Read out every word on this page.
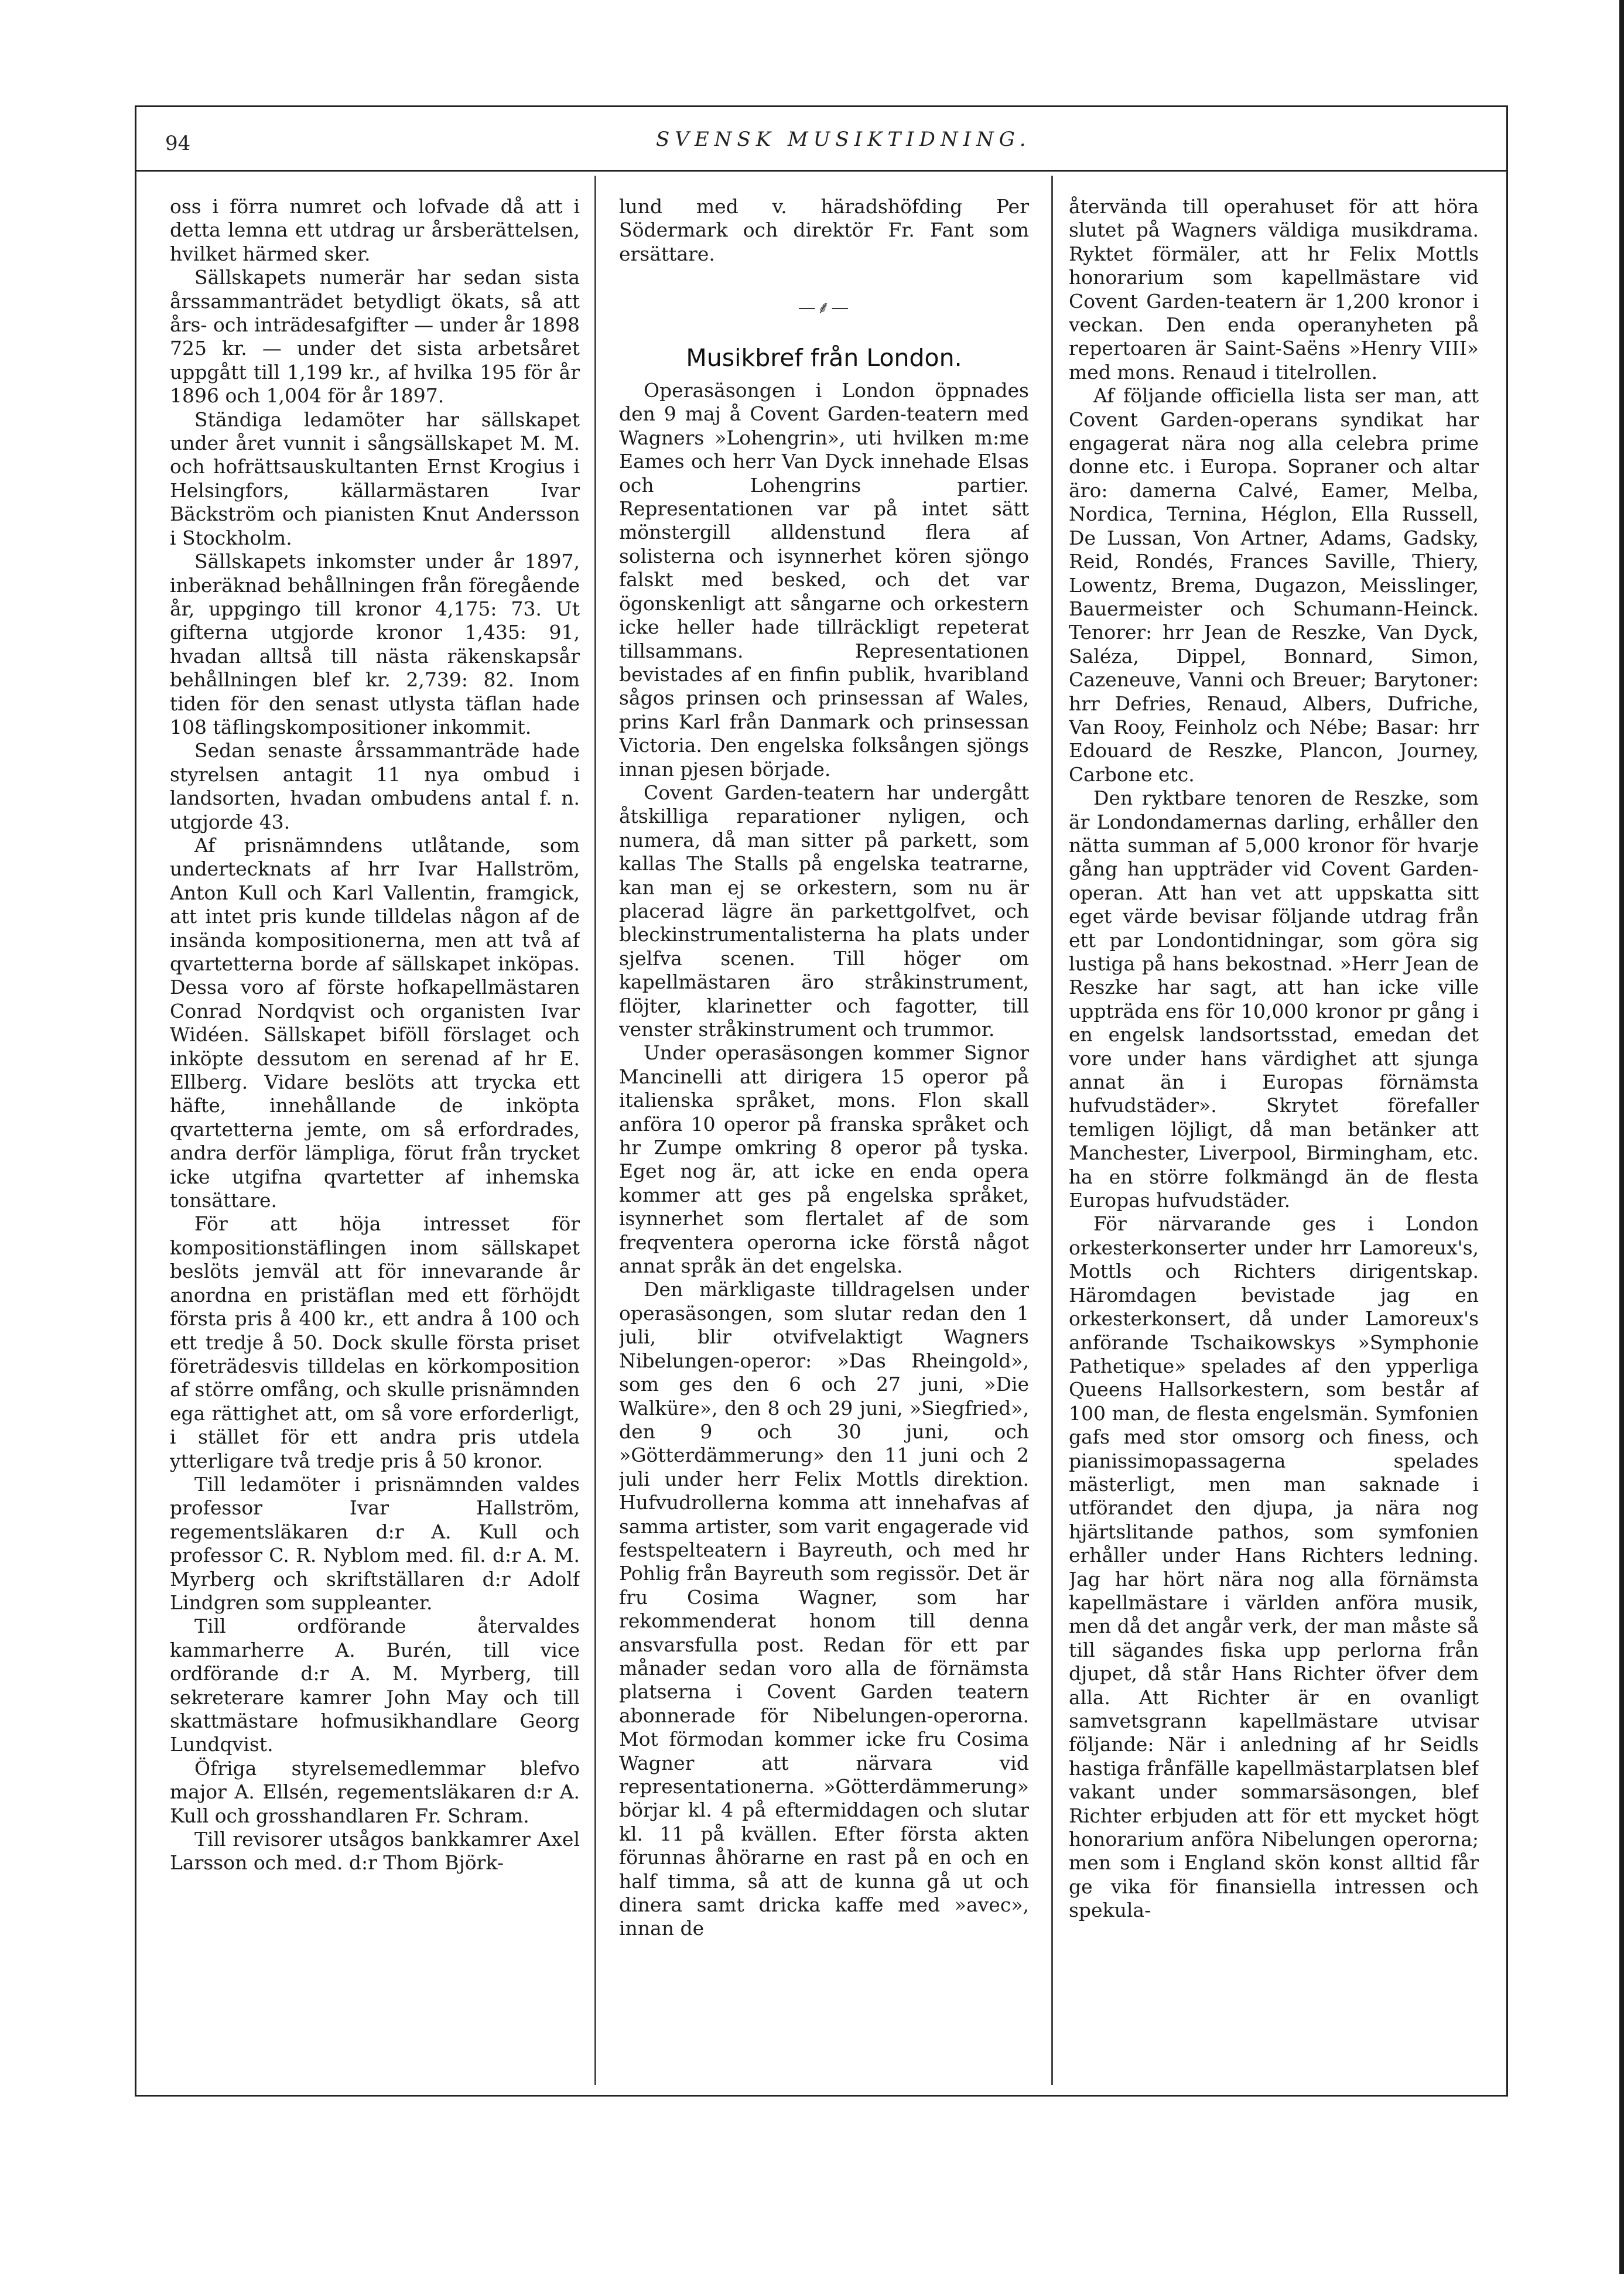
94	SVENSK MUSIKTIDNING.

oss i förra numret och lofvade då att i detta lemna ett utdrag ur årsberättelsen, hvilket härmed sker.

Sällskapets numerär har sedan sista årssammanträdet betydligt ökats, så att års- och inträdesafgifter — under år 1898 725 kr. — under det sista arbetsåret uppgått till 1,199 kr., af hvilka 195 för år 1896 och 1,004 för år 1897.

Ständiga ledamöter har sällskapet under året vunnit i sångsällskapet M. M. och hofrättsauskultanten Ernst Krogius i Helsingfors, källarmästaren Ivar Bäckström och pianisten Knut Andersson i Stockholm.

Sällskapets inkomster under år 1897, inberäknad behållningen från föregående år, uppgingo till kronor 4,175: 73. Ut gifterna utgjorde kronor 1,435: 91, hvadan alltså till nästa räkenskapsår behållningen blef kr. 2,739: 82. Inom tiden för den senast utlysta täflan hade 108 täflingskompositioner inkommit.

Sedan senaste årssammanträde hade styrelsen antagit 11 nya ombud i landsorten, hvadan ombudens antal f. n. utgjorde 43.

Af prisnämndens utlåtande, som undertecknats af hrr Ivar Hallström, Anton Kull och Karl Vallentin, framgick, att intet pris kunde tilldelas någon af de insända kompositionerna, men att två af qvartetterna borde af sällskapet inköpas. Dessa voro af förste hofkapellmästaren Conrad Nordqvist och organisten Ivar Widéen. Sällskapet biföll förslaget och inköpte dessutom en serenad af hr E. Ellberg. Vidare beslöts att trycka ett häfte, innehållande de inköpta qvartetterna jemte, om så erfordrades, andra derför lämpliga, förut från trycket icke utgifna qvartetter af inhemska tonsättare.

För att höja intresset för kompositionstäflingen inom sällskapet beslöts jemväl att för innevarande år anordna en pristäflan med ett förhöjdt första pris å 400 kr., ett andra å 100 och ett tredje å 50. Dock skulle första priset företrädesvis tilldelas en körkomposition af större omfång, och skulle prisnämnden ega rättighet att, om så vore erforderligt, i stället för ett andra pris utdela ytterligare två tredje pris å 50 kronor.

Till ledamöter i prisnämnden valdes professor Ivar Hallström, regementsläkaren d:r A. Kull och professor C. R. Nyblom med. fil. d:r A. M. Myrberg och skriftställaren d:r Adolf Lindgren som suppleanter.

Till ordförande återvaldes kammarherre A. Burén, till vice ordförande d:r A. M. Myrberg, till sekreterare kamrer John May och till skattmästare hofmusikhandlare Georg Lundqvist.

Öfriga styrelsemedlemmar blefvo major A. Ellsén, regementsläkaren d:r A. Kull och grosshandlaren Fr. Schram.

Till revisorer utsågos bankkamrer Axel Larsson och med. d:r Thom Björk-

lund med v. häradshöfding Per Södermark och direktör Fr. Fant som ersättare.

—⸙—
Musikbref från London.

Operasäsongen i London öppnades den 9 maj å Covent Garden-teatern med Wagners »Lohengrin», uti hvilken m:me Eames och herr Van Dyck innehade Elsas och Lohengrins partier. Representationen var på intet sätt mönstergill alldenstund flera af solisterna och isynnerhet kören sjöngo falskt med besked, och det var ögonskenligt att sångarne och orkestern icke heller hade tillräckligt repeterat tillsammans. Representationen bevistades af en finfin publik, hvaribland sågos prinsen och prinsessan af Wales, prins Karl från Danmark och prinsessan Victoria. Den engelska folksången sjöngs innan pjesen började.

Covent Garden-teatern har undergått åtskilliga reparationer nyligen, och numera, då man sitter på parkett, som kallas The Stalls på engelska teatrarne, kan man ej se orkestern, som nu är placerad lägre än parkettgolfvet, och bleckinstrumentalisterna ha plats under sjelfva scenen. Till höger om kapellmästaren äro stråkinstrument, flöjter, klarinetter och fagotter, till venster stråkinstrument och trummor.

Under operasäsongen kommer Signor Mancinelli att dirigera 15 operor på italienska språket, mons. Flon skall anföra 10 operor på franska språket och hr Zumpe omkring 8 operor på tyska. Eget nog är, att icke en enda opera kommer att ges på engelska språket, isynnerhet som flertalet af de som freqventera operorna icke förstå något annat språk än det engelska.

Den märkligaste tilldragelsen under operasäsongen, som slutar redan den 1 juli, blir otvifvelaktigt Wagners Nibelungen-operor: »Das Rheingold», som ges den 6 och 27 juni, »Die Walküre», den 8 och 29 juni, »Siegfried», den 9 och 30 juni, och »Götterdämmerung» den 11 juni och 2 juli under herr Felix Mottls direktion. Hufvudrollerna komma att innehafvas af samma artister, som varit engagerade vid festspelteatern i Bayreuth, och med hr Pohlig från Bayreuth som regissör. Det är fru Cosima Wagner, som har rekommenderat honom till denna ansvarsfulla post. Redan för ett par månader sedan voro alla de förnämsta platserna i Covent Garden teatern abonnerade för Nibelungen-operorna. Mot förmodan kommer icke fru Cosima Wagner att närvara vid representationerna. »Götterdämmerung» börjar kl. 4 på eftermiddagen och slutar kl. 11 på kvällen. Efter första akten förunnas åhörarne en rast på en och en half timma, så att de kunna gå ut och dinera samt dricka kaffe med »avec», innan de

återvända till operahuset för att höra slutet på Wagners väldiga musikdrama. Ryktet förmäler, att hr Felix Mottls honorarium som kapellmästare vid Covent Garden-teatern är 1,200 kronor i veckan. Den enda operanyheten på repertoaren är Saint-Saëns »Henry VIII» med mons. Renaud i titelrollen.

Af följande officiella lista ser man, att Covent Garden-operans syndikat har engagerat nära nog alla celebra prime donne etc. i Europa. Sopraner och altar äro: damerna Calvé, Eamer, Melba, Nordica, Ternina, Héglon, Ella Russell, De Lussan, Von Artner, Adams, Gadsky, Reid, Rondés, Frances Saville, Thiery, Lowentz, Brema, Dugazon, Meisslinger, Bauermeister och Schumann-Heinck. Tenorer: hrr Jean de Reszke, Van Dyck, Saléza, Dippel, Bonnard, Simon, Cazeneuve, Vanni och Breuer; Barytoner: hrr Defries, Renaud, Albers, Dufriche, Van Rooy, Feinholz och Nébe; Basar: hrr Edouard de Reszke, Plancon, Journey, Carbone etc.

Den ryktbare tenoren de Reszke, som är Londondamernas darling, erhåller den nätta summan af 5,000 kronor för hvarje gång han uppträder vid Covent Garden-operan. Att han vet att uppskatta sitt eget värde bevisar följande utdrag från ett par Londontidningar, som göra sig lustiga på hans bekostnad. »Herr Jean de Reszke har sagt, att han icke ville uppträda ens för 10,000 kronor pr gång i en engelsk landsortsstad, emedan det vore under hans värdighet att sjunga annat än i Europas förnämsta hufvudstäder». Skrytet förefaller temligen löjligt, då man betänker att Manchester, Liverpool, Birmingham, etc. ha en större folkmängd än de flesta Europas hufvudstäder.

För närvarande ges i London orkesterkonserter under hrr Lamoreux's, Mottls och Richters dirigentskap. Häromdagen bevistade jag en orkesterkonsert, då under Lamoreux's anförande Tschaikowskys »Symphonie Pathetique» spelades af den ypperliga Queens Hallsorkestern, som består af 100 man, de flesta engelsmän. Symfonien gafs med stor omsorg och finess, och pianissimopassagerna spelades mästerligt, men man saknade i utförandet den djupa, ja nära nog hjärtslitande pathos, som symfonien erhåller under Hans Richters ledning. Jag har hört nära nog alla förnämsta kapellmästare i världen anföra musik, men då det angår verk, der man måste så till sägandes fiska upp perlorna från djupet, då står Hans Richter öfver dem alla. Att Richter är en ovanligt samvetsgrann kapellmästare utvisar följande: När i anledning af hr Seidls hastiga frånfälle kapellmästarplatsen blef vakant under sommarsäsongen, blef Richter erbjuden att för ett mycket högt honorarium anföra Nibelungen operorna; men som i England skön konst alltid får ge vika för finansiella intressen och spekula-
